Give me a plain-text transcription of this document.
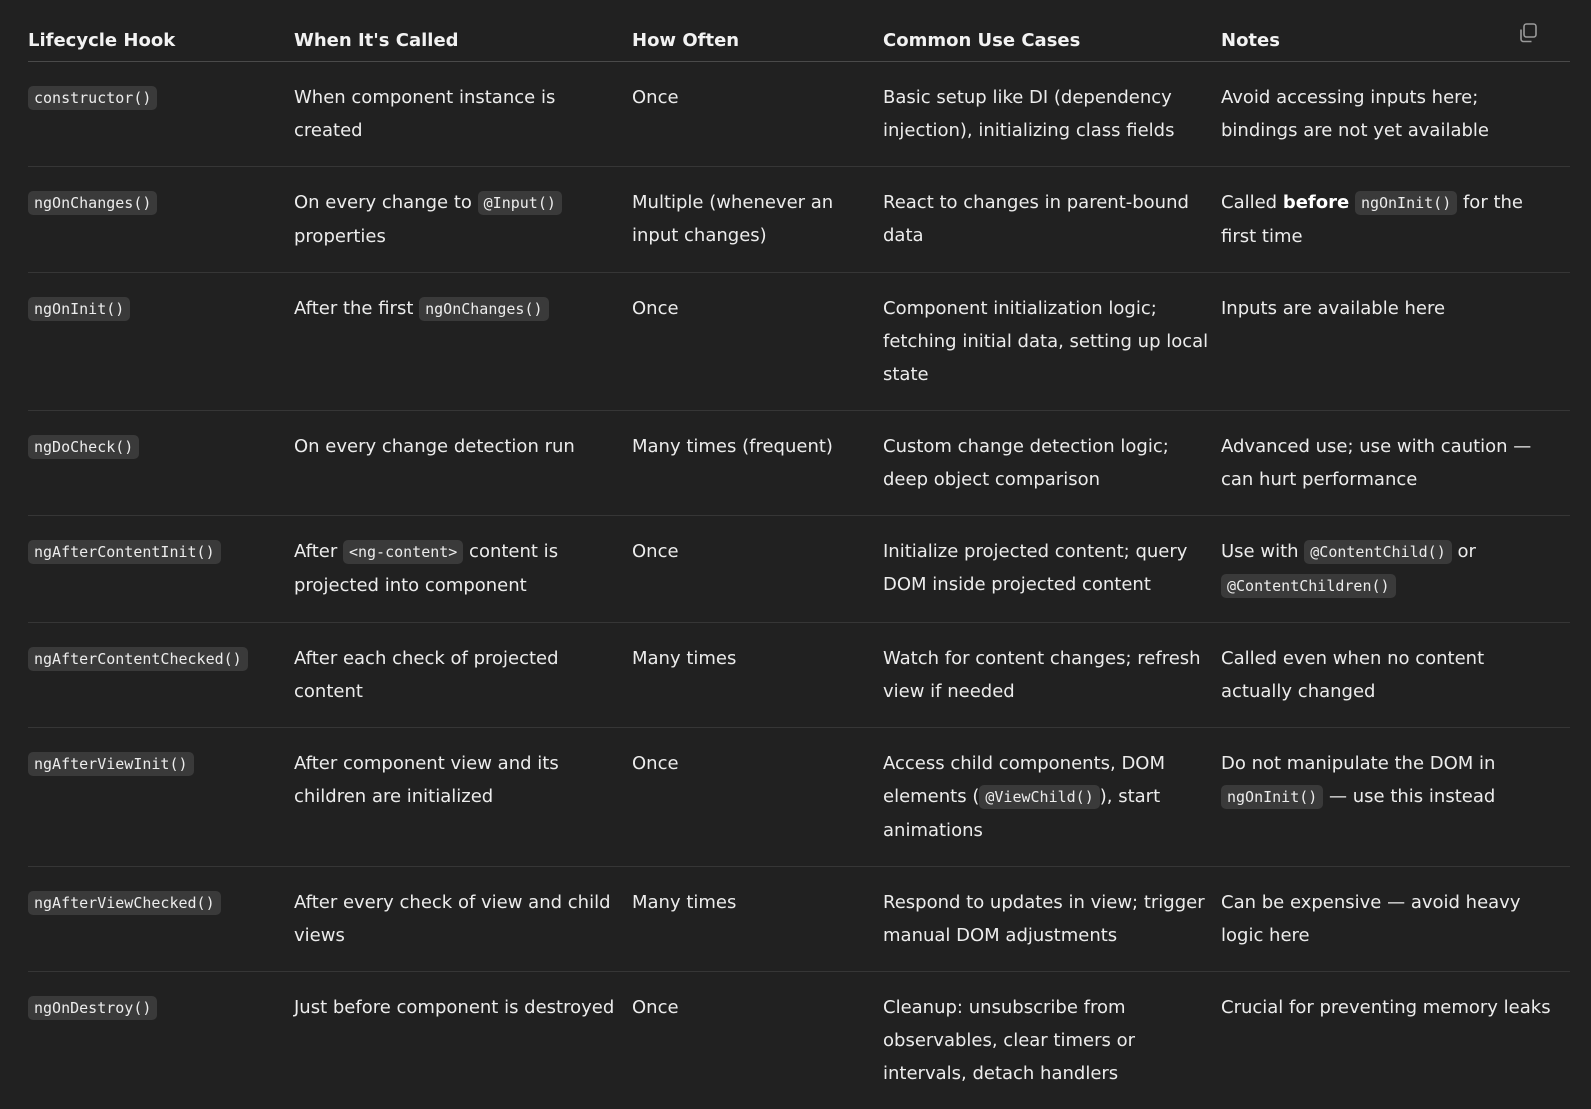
Lifecycle Hook	When It's Called	How Often	Common Use Cases	Notes
constructor()	When component instance is created	Once	Basic setup like DI (dependency injection), initializing class fields	Avoid accessing inputs here; bindings are not yet available
ngOnChanges()	On every change to @Input() properties	Multiple (whenever an input changes)	React to changes in parent-bound data	Called before ngOnInit() for the first time
ngOnInit()	After the first ngOnChanges()	Once	Component initialization logic; fetching initial data, setting up local state	Inputs are available here
ngDoCheck()	On every change detection run	Many times (frequent)	Custom change detection logic; deep object comparison	Advanced use; use with caution — can hurt performance
ngAfterContentInit()	After <ng-content> content is projected into component	Once	Initialize projected content; query DOM inside projected content	Use with @ContentChild() or @ContentChildren()
ngAfterContentChecked()	After each check of projected content	Many times	Watch for content changes; refresh view if needed	Called even when no content actually changed
ngAfterViewInit()	After component view and its children are initialized	Once	Access child components, DOM elements ( @ViewChild() ), start animations	Do not manipulate the DOM in ngOnInit() — use this instead
ngAfterViewChecked()	After every check of view and child views	Many times	Respond to updates in view; trigger manual DOM adjustments	Can be expensive — avoid heavy logic here
ngOnDestroy()	Just before component is destroyed	Once	Cleanup: unsubscribe from observables, clear timers or intervals, detach handlers	Crucial for preventing memory leaks
